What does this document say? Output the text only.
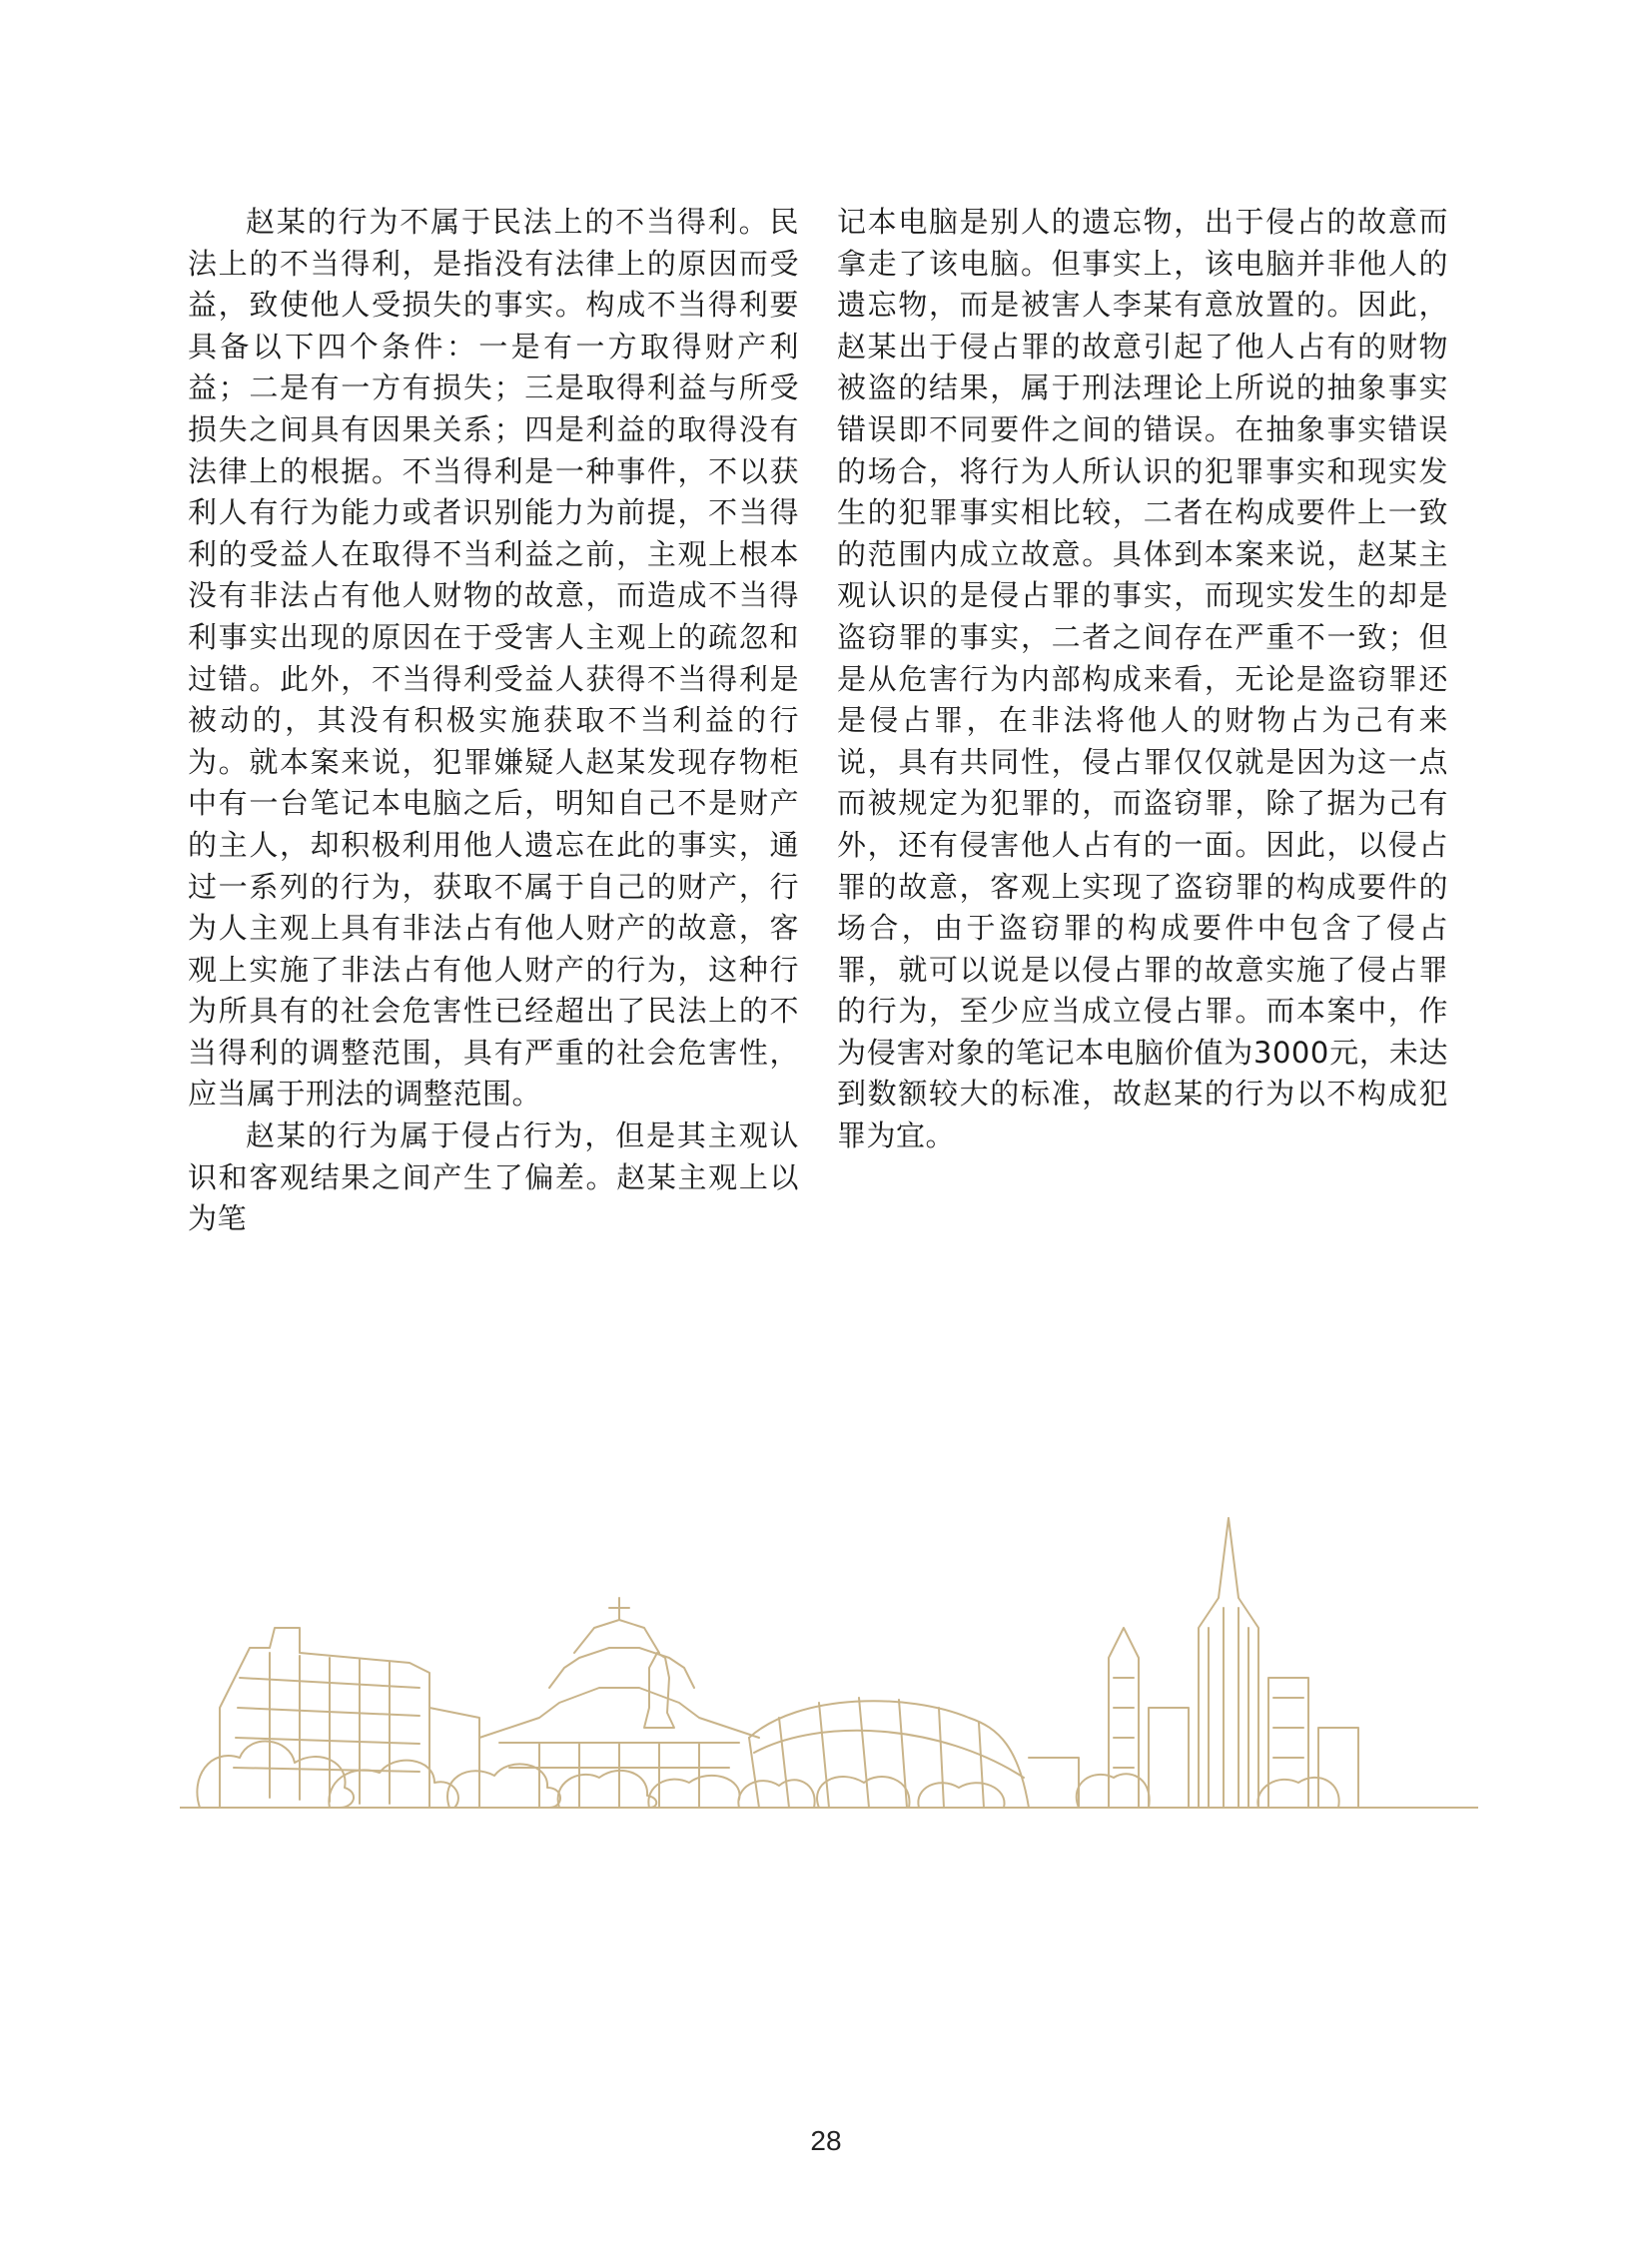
赵某的行为不属于民法上的不当得利。民法上的不当得利，是指没有法律上的原因而受益，致使他人受损失的事实。构成不当得利要具备以下四个条件：一是有一方取得财产利益；二是有一方有损失；三是取得利益与所受损失之间具有因果关系；四是利益的取得没有法律上的根据。不当得利是一种事件，不以获利人有行为能力或者识别能力为前提，不当得利的受益人在取得不当利益之前，主观上根本没有非法占有他人财物的故意，而造成不当得利事实出现的原因在于受害人主观上的疏忽和过错。此外，不当得利受益人获得不当得利是被动的，其没有积极实施获取不当利益的行为。就本案来说，犯罪嫌疑人赵某发现存物柜中有一台笔记本电脑之后，明知自己不是财产的主人，却积极利用他人遗忘在此的事实，通过一系列的行为，获取不属于自己的财产，行为人主观上具有非法占有他人财产的故意，客观上实施了非法占有他人财产的行为，这种行为所具有的社会危害性已经超出了民法上的不当得利的调整范围，具有严重的社会危害性，应当属于刑法的调整范围。

赵某的行为属于侵占行为，但是其主观认识和客观结果之间产生了偏差。赵某主观上以为笔

记本电脑是别人的遗忘物，出于侵占的故意而拿走了该电脑。但事实上，该电脑并非他人的遗忘物，而是被害人李某有意放置的。因此，赵某出于侵占罪的故意引起了他人占有的财物被盗的结果，属于刑法理论上所说的抽象事实错误即不同要件之间的错误。在抽象事实错误的场合，将行为人所认识的犯罪事实和现实发生的犯罪事实相比较，二者在构成要件上一致的范围内成立故意。具体到本案来说，赵某主观认识的是侵占罪的事实，而现实发生的却是盗窃罪的事实，二者之间存在严重不一致；但是从危害行为内部构成来看，无论是盗窃罪还是侵占罪，在非法将他人的财物占为己有来说，具有共同性，侵占罪仅仅就是因为这一点而被规定为犯罪的，而盗窃罪，除了据为己有外，还有侵害他人占有的一面。因此，以侵占罪的故意，客观上实现了盗窃罪的构成要件的场合，由于盗窃罪的构成要件中包含了侵占罪，就可以说是以侵占罪的故意实施了侵占罪的行为，至少应当成立侵占罪。而本案中，作为侵害对象的笔记本电脑价值为3000元，未达到数额较大的标准，故赵某的行为以不构成犯罪为宜。

28
